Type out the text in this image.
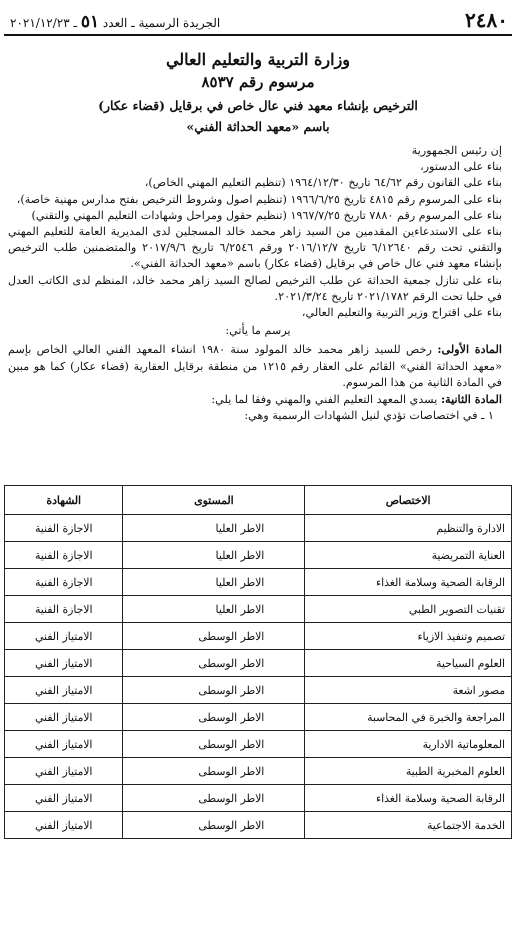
٢٤٨٠
الجريدة الرسمية ـ العدد ٥١ ـ ٢٠٢١/١٢/٢٣
وزارة التربية والتعليم العالي
مرسوم رقم ٨٥٣٧
الترخيص بإنشاء معهد فني عال خاص في برقايل (قضاء عكار)
باسم «معهد الحداثة الفني»

إن رئيس الجمهورية

بناء على الدستور،

بناء على القانون رقم ٦٤/٦٢ تاريخ ١٩٦٤/١٢/٣٠ (تنظيم التعليم المهني الخاص)،

بناء على المرسوم رقم ٤٨١٥ تاريخ ١٩٦٦/٦/٢٥ (تنظيم اصول وشروط الترخيص بفتح مدارس مهنية خاصة)،

بناء على المرسوم رقم ٧٨٨٠ تاريخ ١٩٦٧/٧/٢٥ (تنظيم حقول ومراحل وشهادات التعليم المهني والتقني)

بناء على الاستدعاءين المقدمين من السيد زاهر محمد خالد المسجلين لدى المديرية العامة للتعليم المهني والتقني تحت رقم ٦/١٢٦٤٠ تاريخ ٢٠١٦/١٢/٧ ورقم ٦/٢٥٤٦ تاريخ ٢٠١٧/٩/٦ والمتضمنين طلب الترخيص بإنشاء معهد فني عال خاص في برقايل (قضاء عكار) باسم «معهد الحداثة الفني».

بناء على تنازل جمعية الحداثة عن طلب الترخيص لصالح السيد زاهر محمد خالد، المنظم لدى الكاتب العدل في حلبا تحت الرقم ٢٠٢١/١٧٨٢ تاريخ ٢٠٢١/٣/٢٤.

بناء على اقتراح وزير التربية والتعليم العالي،

يرسم ما يأتي:

المادة الأولى: رخص للسيد زاهر محمد خالد المولود سنة ١٩٨٠ انشاء المعهد الفني العالي الخاص بإسم «معهد الحداثة الفني» القائم على العقار رقم ١٢١٥ من منطقة برقايل العقارية (قضاء عكار) كما هو مبين في المادة الثانية من هذا المرسوم.

المادة الثانية: يسدي المعهد التعليم الفني والمهني وفقا لما يلي:

١ ـ في اختصاصات تؤدي لنيل الشهادات الرسمية وهي:

الاختصاص	المستوى	الشهادة
الادارة والتنظيم	الاطر العليا	الاجازة الفنية
العناية التمريضية	الاطر العليا	الاجازة الفنية
الرقابة الصحية وسلامة الغذاء	الاطر العليا	الاجازة الفنية
تقنيات التصوير الطبي	الاطر العليا	الاجازة الفنية
تصميم وتنفيذ الازياء	الاطر الوسطى	الامتياز الفني
العلوم السياحية	الاطر الوسطى	الامتياز الفني
مصور اشعة	الاطر الوسطى	الامتياز الفني
المراجعة والخبرة في المحاسبة	الاطر الوسطى	الامتياز الفني
المعلوماتية الادارية	الاطر الوسطى	الامتياز الفني
العلوم المخبرية الطبية	الاطر الوسطى	الامتياز الفني
الرقابة الصحية وسلامة الغذاء	الاطر الوسطى	الامتياز الفني
الخدمة الاجتماعية	الاطر الوسطى	الامتياز الفني
